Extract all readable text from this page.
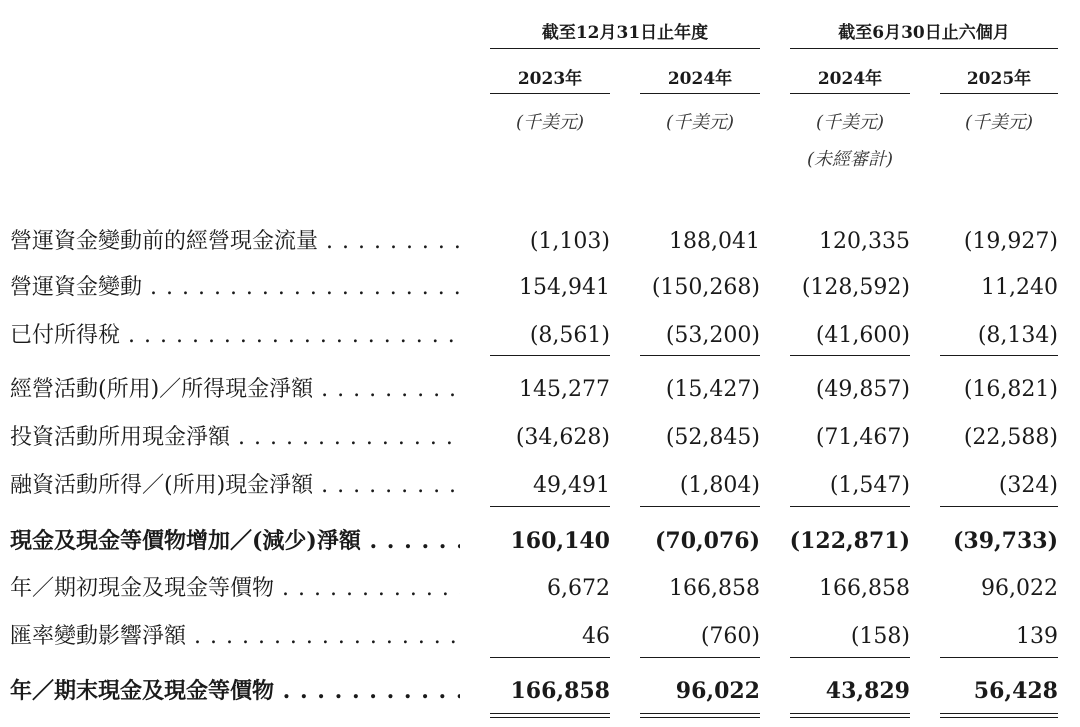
截至12月31日止年度	截至6月30日止六個月
2023年	2024年	2024年	2025年
(千美元)	(千美元)	(千美元)	(千美元)
(未經審計)
營運資金變動前的經營現金流量 . . .	(1,103)	188,041	120,335	(19,927)
營運資金變動 . . .	154,941	(150,268)	(128,592)	11,240
已付所得稅 . . .	(8,561)	(53,200)	(41,600)	(8,134)
經營活動(所用)／所得現金淨額 . . .	145,277	(15,427)	(49,857)	(16,821)
投資活動所用現金淨額 . . .	(34,628)	(52,845)	(71,467)	(22,588)
融資活動所得／(所用)現金淨額 . . .	49,491	(1,804)	(1,547)	(324)
現金及現金等價物增加／(減少)淨額 . . .	160,140	(70,076)	(122,871)	(39,733)
年／期初現金及現金等價物 . . .	6,672	166,858	166,858	96,022
匯率變動影響淨額 . . .	46	(760)	(158)	139
年／期末現金及現金等價物 . . .	166,858	96,022	43,829	56,428
